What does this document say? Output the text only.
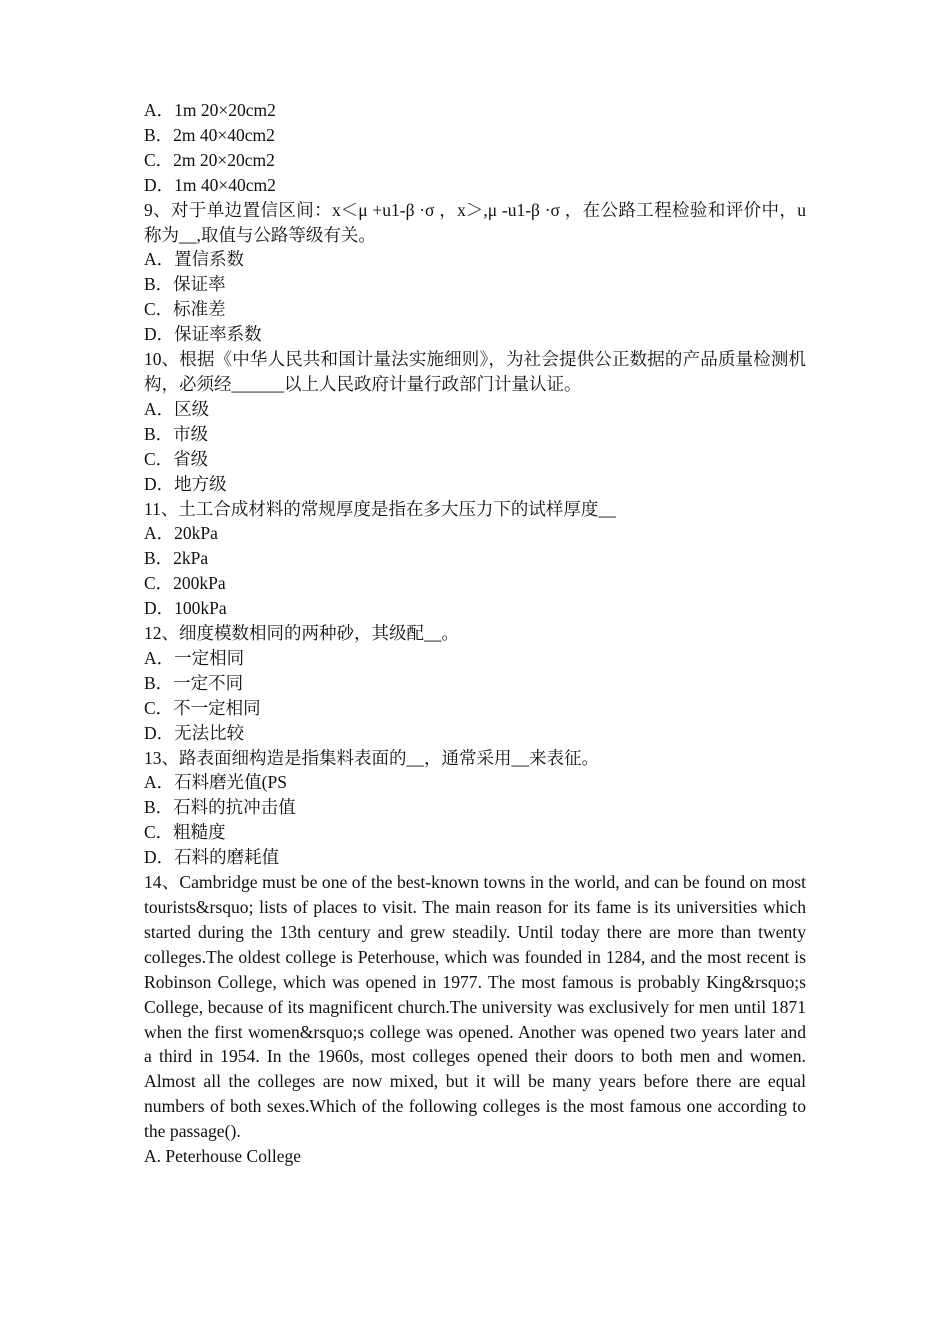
A．1m 20×20cm2
B．2m 40×40cm2
C．2m 20×20cm2
D．1m 40×40cm2
9、对于单边置信区间：x＜μ +u1-β ·σ ，x＞,μ -u1-β ·σ ，在公路工程检验和评价中，u 称为__,取值与公路等级有关。
A．置信系数
B．保证率
C．标准差
D．保证率系数
10、根据《中华人民共和国计量法实施细则》，为社会提供公正数据的产品质量检测机构，必须经______以上人民政府计量行政部门计量认证。
A．区级
B．市级
C．省级
D．地方级
11、土工合成材料的常规厚度是指在多大压力下的试样厚度__
A．20kPa
B．2kPa
C．200kPa
D．100kPa
12、细度模数相同的两种砂，其级配__。
A．一定相同
B．一定不同
C．不一定相同
D．无法比较
13、路表面细构造是指集料表面的__，通常采用__来表征。
A．石料磨光值(PS
B．石料的抗冲击值
C．粗糙度
D．石料的磨耗值
14、Cambridge must be one of the best-known towns in the world, and can be found on most tourists&rsquo; lists of places to visit. The main reason for its fame is its universities which started during the 13th century and grew steadily. Until today there are more than twenty colleges.The oldest college is Peterhouse, which was founded in 1284, and the most recent is Robinson College, which was opened in 1977. The most famous is probably King&rsquo;s College, because of its magnificent church.The university was exclusively for men until 1871 when the first women&rsquo;s college was opened. Another was opened two years later and a third in 1954. In the 1960s, most colleges opened their doors to both men and women. Almost all the colleges are now mixed, but it will be many years before there are equal numbers of both sexes.Which of the following colleges is the most famous one according to the passage().
A. Peterhouse College
